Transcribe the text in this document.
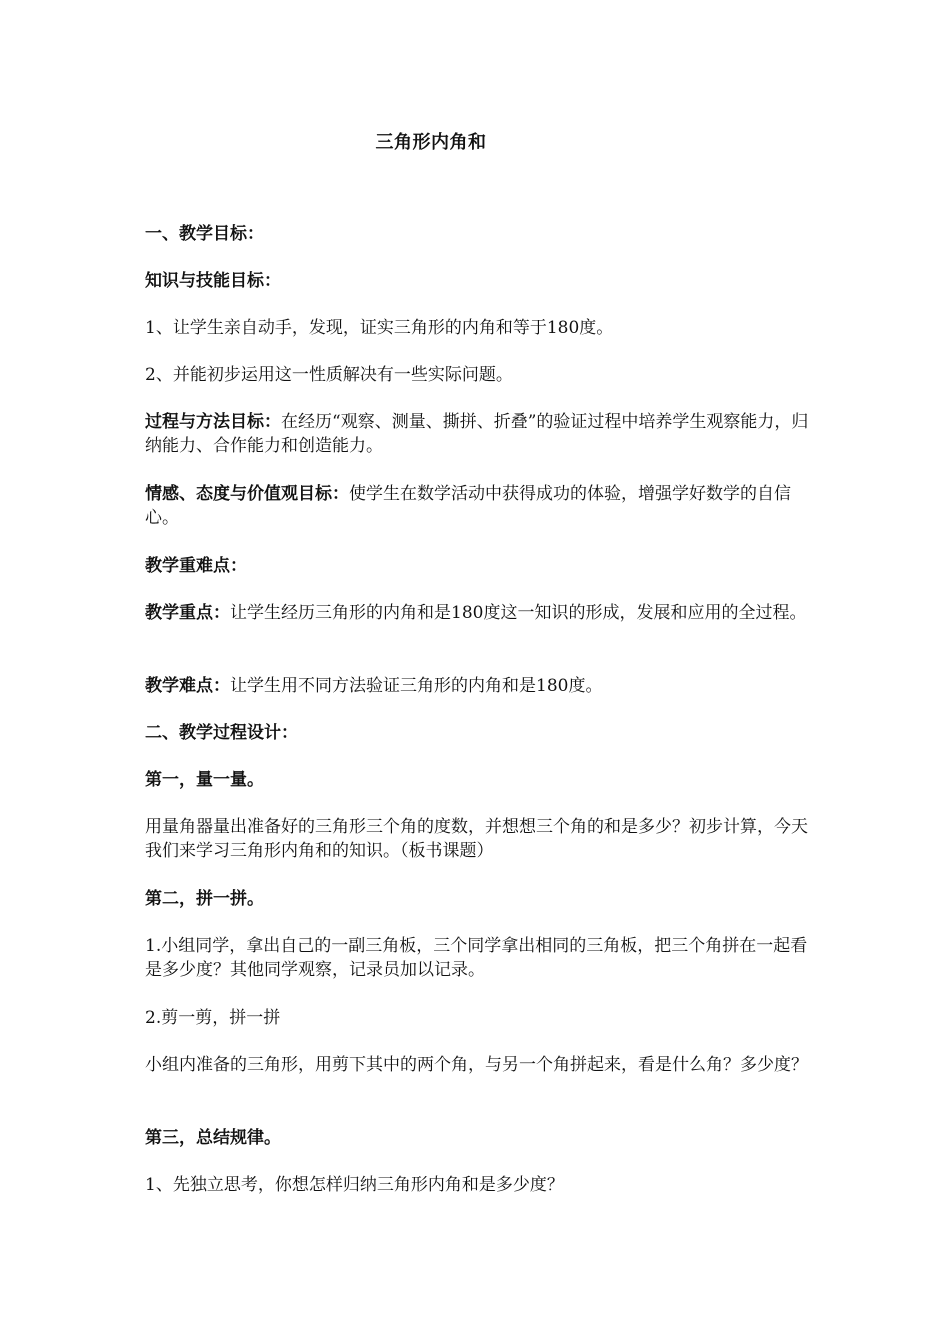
三角形内角和

一、教学目标：

知识与技能目标：

1、让学生亲自动手，发现，证实三角形的内角和等于180度。

2、并能初步运用这一性质解决有一些实际问题。

过程与方法目标：在经历“观察、测量、撕拼、折叠”的验证过程中培养学生观察能力，归纳能力、合作能力和创造能力。

情感、态度与价值观目标：使学生在数学活动中获得成功的体验，增强学好数学的自信心。

教学重难点：

教学重点：让学生经历三角形的内角和是180度这一知识的形成，发展和应用的全过程。

教学难点：让学生用不同方法验证三角形的内角和是180度。

二、教学过程设计：

第一，量一量。

用量角器量出准备好的三角形三个角的度数，并想想三个角的和是多少？初步计算，今天我们来学习三角形内角和的知识。（板书课题）

第二，拼一拼。

1.小组同学，拿出自己的一副三角板，三个同学拿出相同的三角板，把三个角拼在一起看是多少度？其他同学观察，记录员加以记录。

2.剪一剪，拼一拼

小组内准备的三角形，用剪下其中的两个角，与另一个角拼起来，看是什么角？多少度？

第三，总结规律。

1、先独立思考，你想怎样归纳三角形内角和是多少度？
